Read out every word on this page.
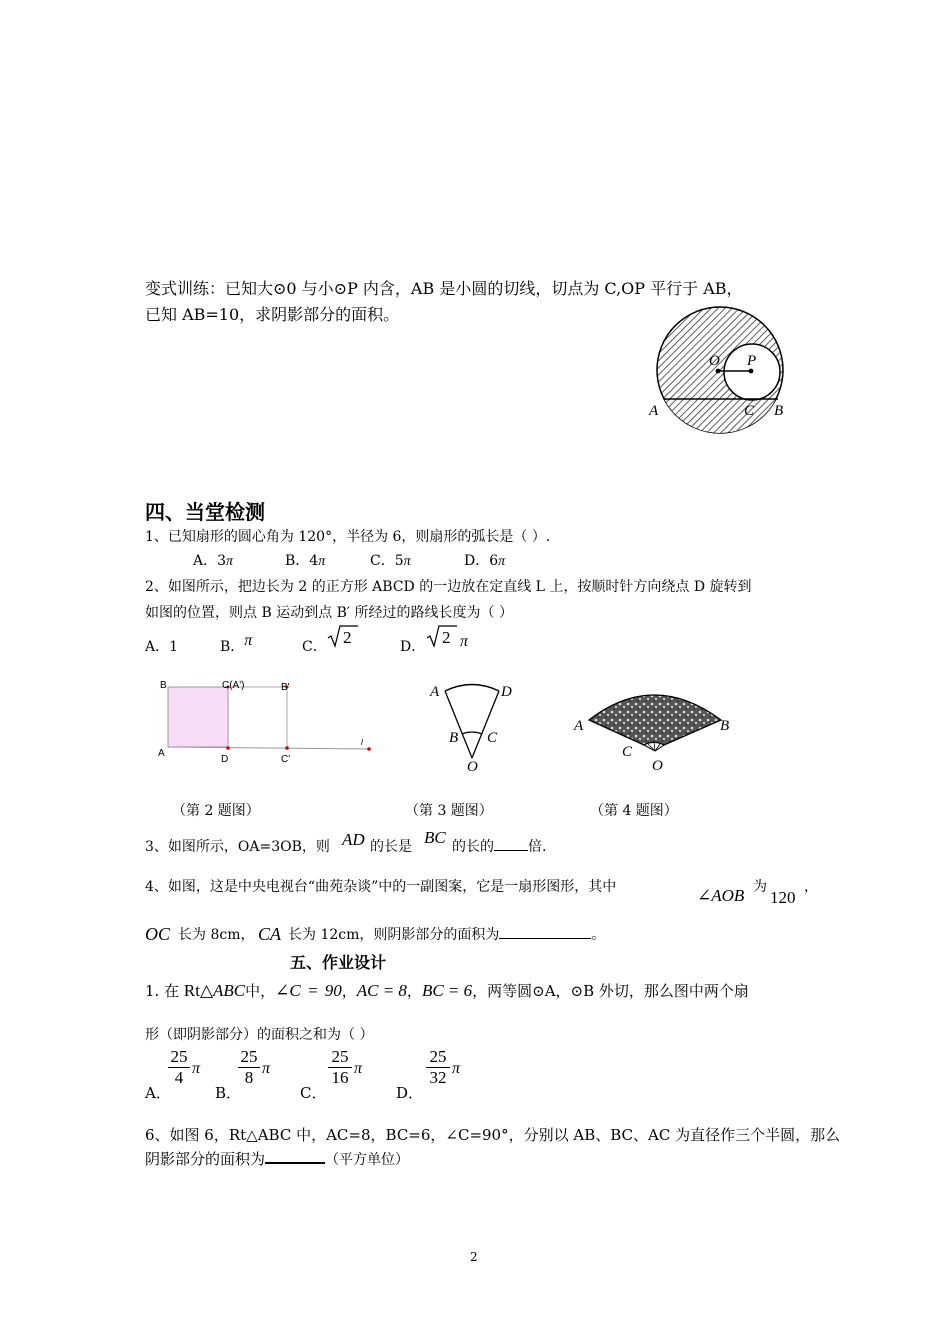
变式训练：已知大⊙0 与小⊙P 内含，AB 是小圆的切线，切点为 C,OP 平行于 AB，
已知 AB=10，求阴影部分的面积。
O P
A	C B
四、当堂检测
1、已知扇形的圆心角为 120°，半径为 6，则扇形的弧长是（ ）.
A．3π	B．4π	C．5π	D．6π
2、如图所示，把边长为 2 的正方形 ABCD 的一边放在定直线 L 上，按顺时针方向绕点 D 旋转到
如图的位置，则点 B 运动到点 B′ 所经过的路线长度为（ ）
A．1	B．π	C． 2	D． 2 π
B	C(A')	B'
A
D	C'
l
A	D
B C
O
A	B
C
O
（第 2 题图）	（第 3 题图）	（第 4 题图）
3、如图所示，OA=3OB，则 AD 的长是 BC 的长的 倍.
4、如图，这是中央电视台“曲苑杂谈”中的一副图案，它是一扇形图形，其中	∠AOB 为
120
，
OC 长为 8cm， CA 长为 12cm，则阴影部分的面积为	。
五、作业设计
1. 在 Rt△ABC中，∠C = 90，AC = 8，BC = 6，两等圆⊙A，⊙B 外切，那么图中两个扇
形（即阴影部分）的面积之和为（ ）
A．
25
4 π
B．
25
8 π
C．
25
16 π
D．
25
32 π
6、如图 6，Rt△ABC 中，AC=8，BC=6，∠C=90°，分别以 AB、BC、AC 为直径作三个半圆，那么
阴影部分的面积为	（平方单位）
2
